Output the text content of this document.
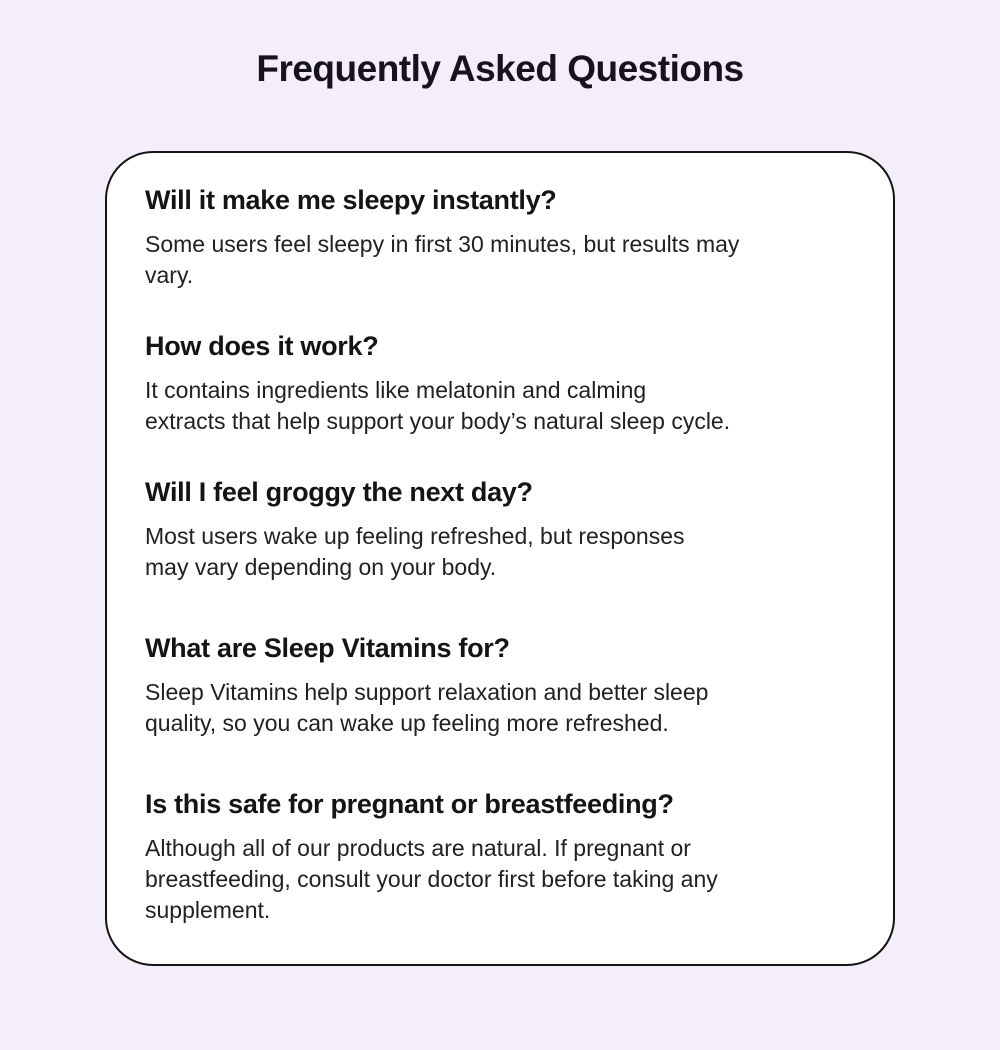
Frequently Asked Questions
Will it make me sleepy instantly?

Some users feel sleepy in first 30 minutes, but results may
vary.

How does it work?

It contains ingredients like melatonin and calming
extracts that help support your body’s natural sleep cycle.

Will I feel groggy the next day?

Most users wake up feeling refreshed, but responses
may vary depending on your body.

What are Sleep Vitamins for?

Sleep Vitamins help support relaxation and better sleep
quality, so you can wake up feeling more refreshed.

Is this safe for pregnant or breastfeeding?

Although all of our products are natural. If pregnant or
breastfeeding, consult your doctor first before taking any
supplement.
